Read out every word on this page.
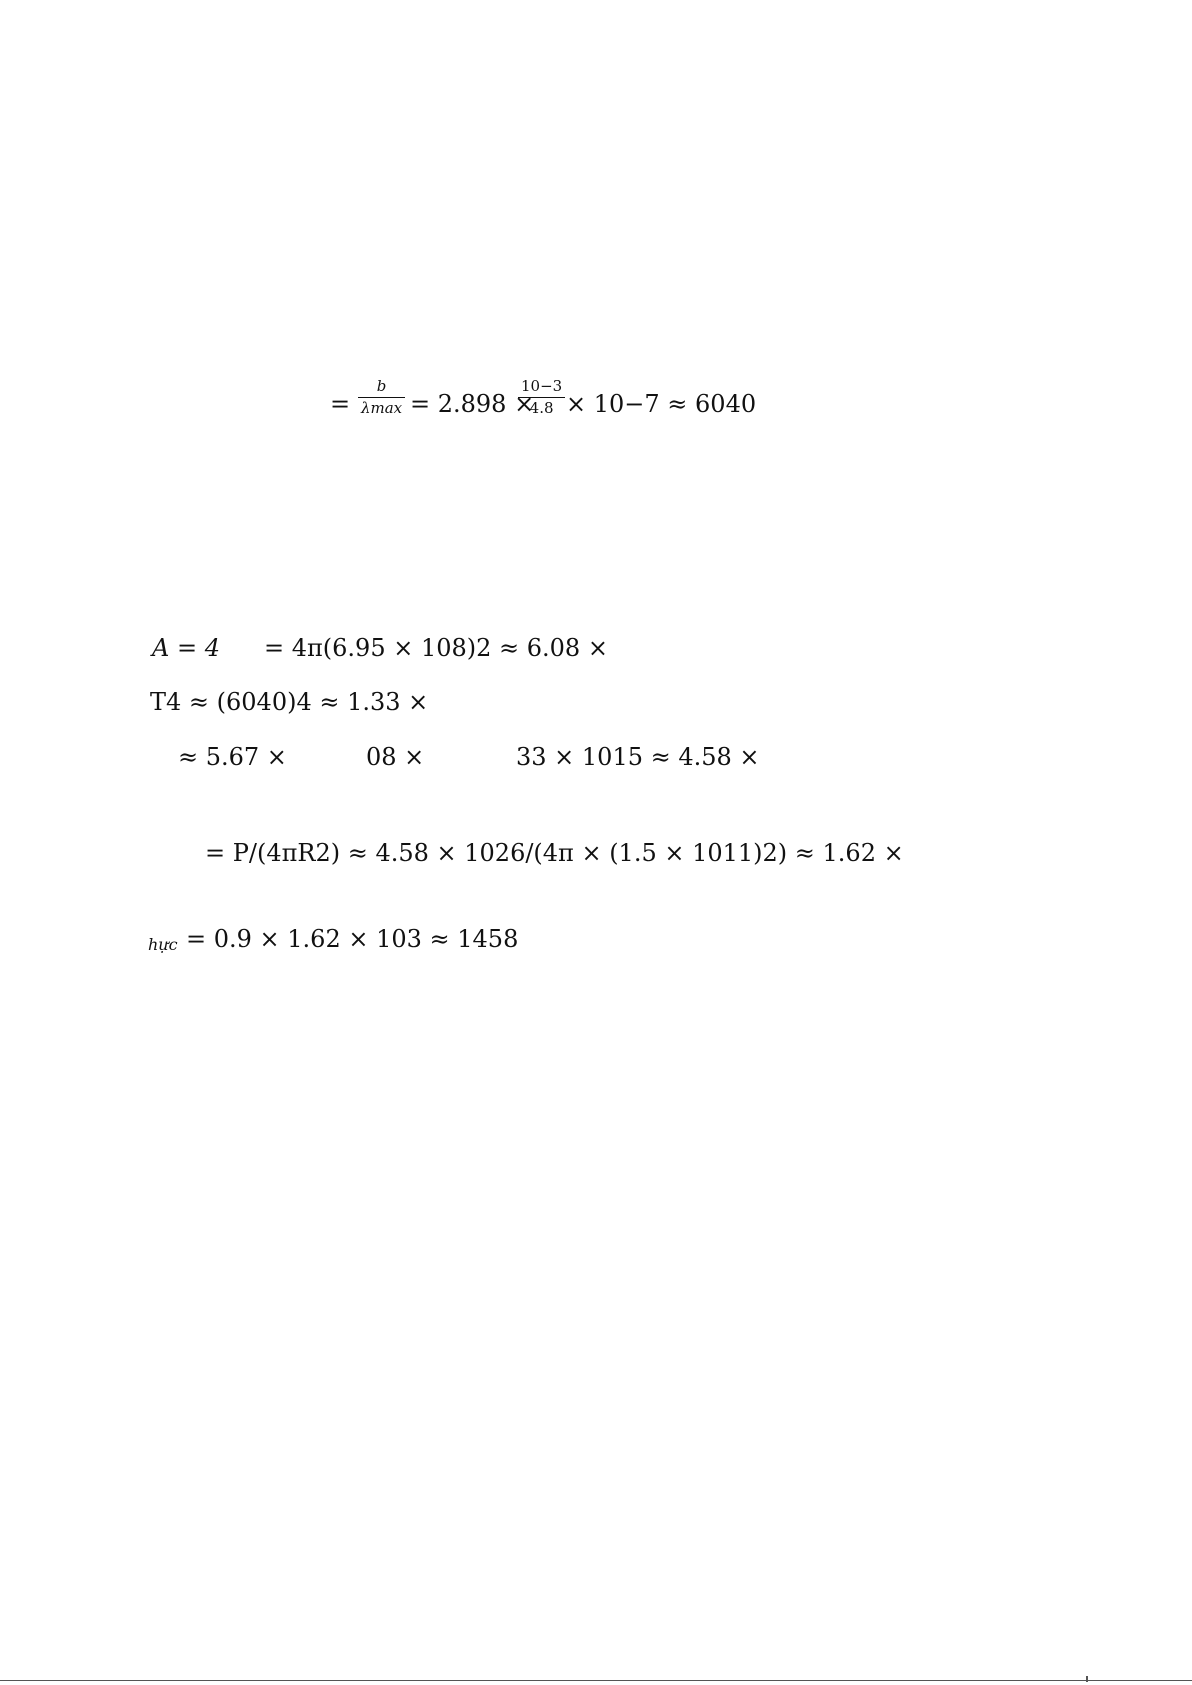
= $\frac{b}{\lambda\max} = 2.898$ ×
$\frac{10-3}{4.8} \times 10-7 \approx 6040$
A = 4 = 4π(6.95 × 108)2 ≈ 6.08 ×
T4 ≈ (6040)4 ≈ 1.33 ×
≈ 5.67 ×	08 ×	33 × 1015 ≈ 4.58 ×
= P/(4πR2) ≈ 4.58 × 1026/(4π × (1.5 × 1011)2) ≈ 1.62 ×
hực = 0.9 × 1.62 × 103 ≈ 1458
